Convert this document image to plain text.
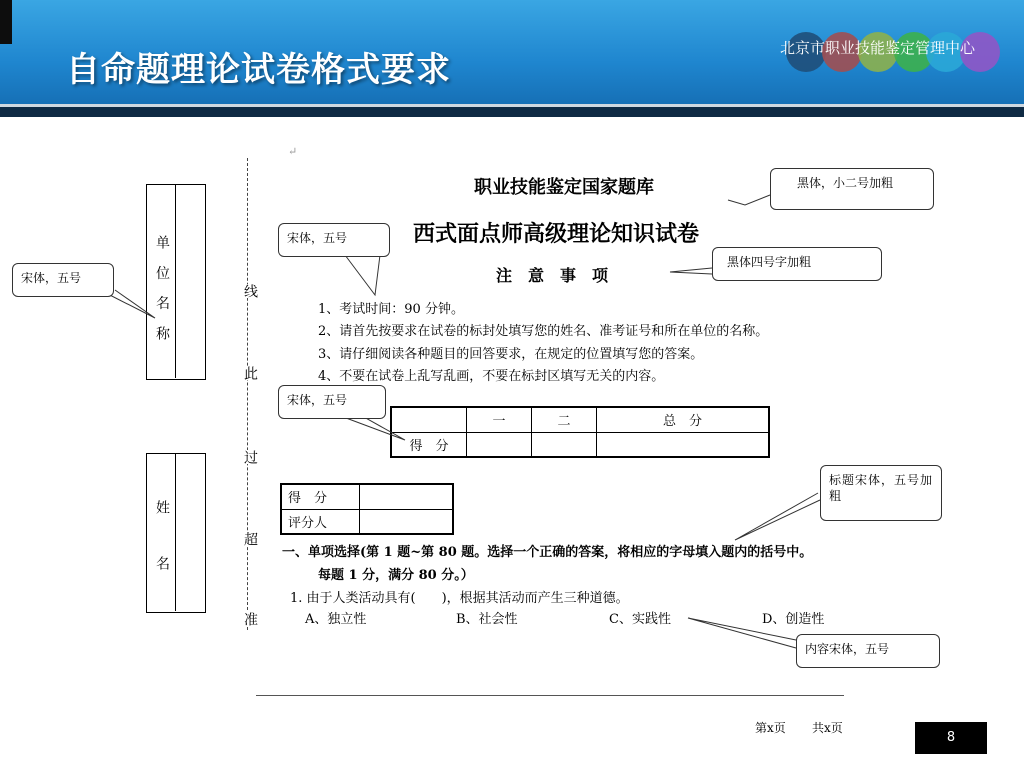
自命题理论试卷格式要求
北京市职业技能鉴定管理中心
单 位 名 称
姓　名
准
超
过
此
线
↵
职业技能鉴定国家题库
西式面点师高级理论知识试卷
注　意　事　项
1、考试时间：90 分钟。
2、请首先按要求在试卷的标封处填写您的姓名、准考证号和所在单位的名称。
3、请仔细阅读各种题目的回答要求，在规定的位置填写您的答案。
4、不要在试卷上乱写乱画，不要在标封区填写无关的内容。
	一	二	总　分
得　分			
得　分	
评分人	
一、单项选择(第 1 题~第 80 题。选择一个正确的答案，将相应的字母填入题内的括号中。
每题 1 分，满分 80 分。）
1. 由于人类活动具有(　　)，根据其活动而产生三种道德。
A、独立性	B、社会性	C、实践性	D、创造性
黑体，小二号加粗
宋体，五号
宋体，五号
黑体四号字加粗
宋体，五号
标题宋体，五号加粗
内容宋体，五号
第x页 共x页
8
